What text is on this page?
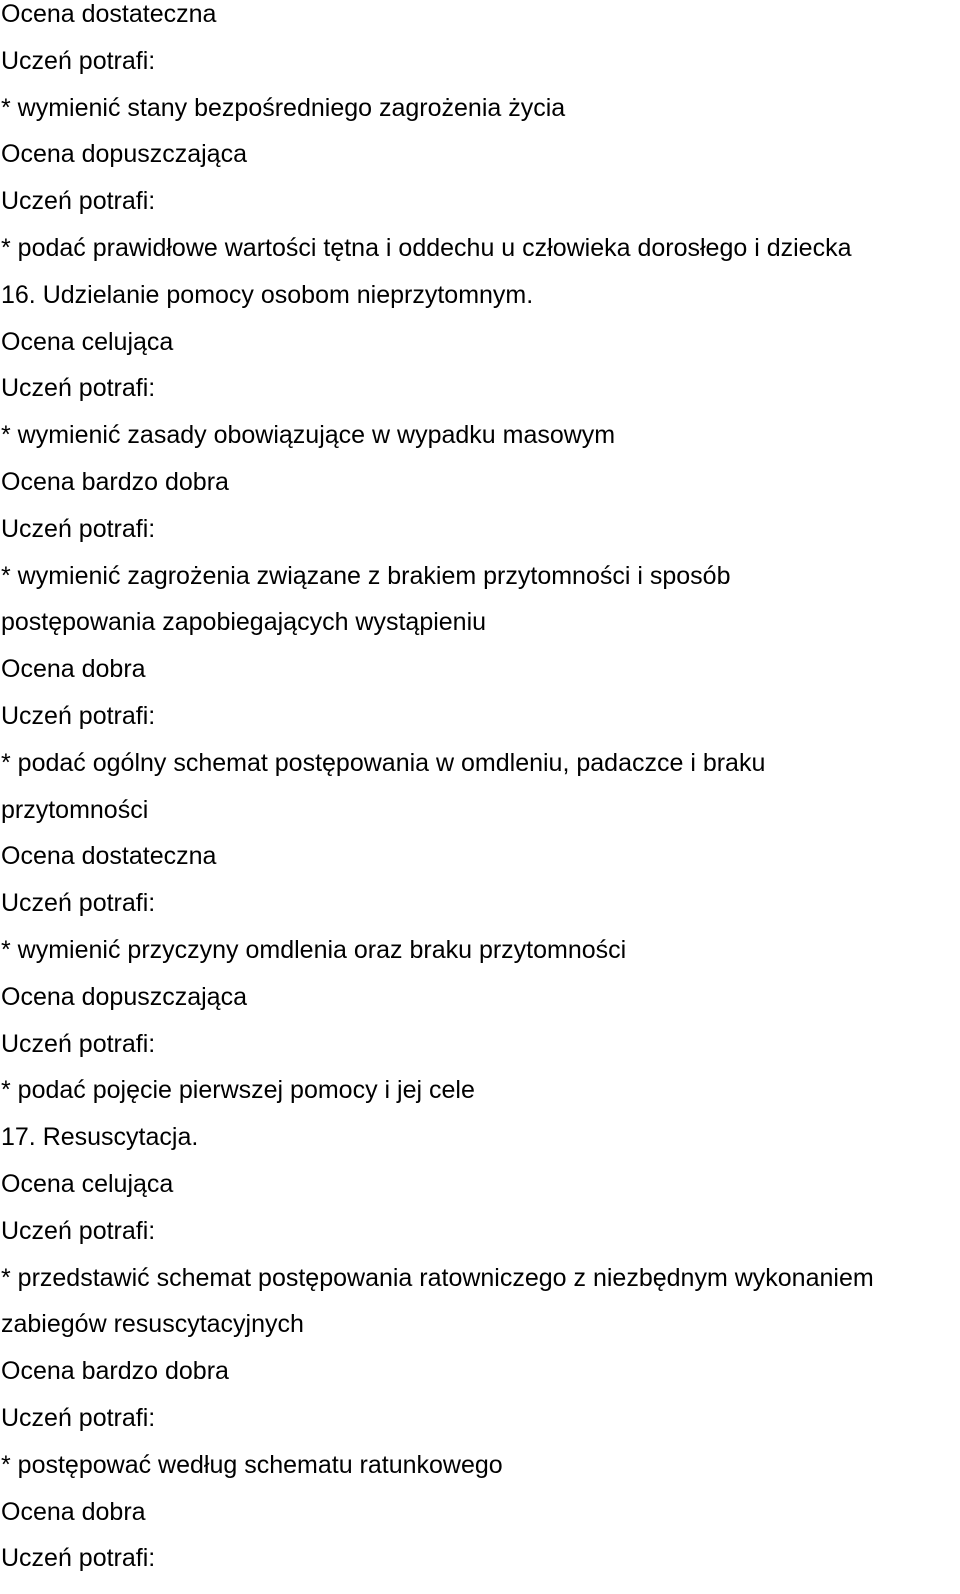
Ocena dostateczna
Uczeń potrafi:
* wymienić stany bezpośredniego zagrożenia życia
Ocena dopuszczająca
Uczeń potrafi:
* podać prawidłowe wartości tętna i oddechu u człowieka dorosłego i dziecka
16. Udzielanie pomocy osobom nieprzytomnym.
Ocena celująca
Uczeń potrafi:
* wymienić zasady obowiązujące w wypadku masowym
Ocena bardzo dobra
Uczeń potrafi:
* wymienić zagrożenia związane z brakiem przytomności i sposób
postępowania zapobiegających wystąpieniu
Ocena dobra
Uczeń potrafi:
* podać ogólny schemat postępowania w omdleniu, padaczce i braku
przytomności
Ocena dostateczna
Uczeń potrafi:
* wymienić przyczyny omdlenia oraz braku przytomności
Ocena dopuszczająca
Uczeń potrafi:
* podać pojęcie pierwszej pomocy i jej cele
17. Resuscytacja.
Ocena celująca
Uczeń potrafi:
* przedstawić schemat postępowania ratowniczego z niezbędnym wykonaniem
zabiegów resuscytacyjnych
Ocena bardzo dobra
Uczeń potrafi:
* postępować według schematu ratunkowego
Ocena dobra
Uczeń potrafi:
